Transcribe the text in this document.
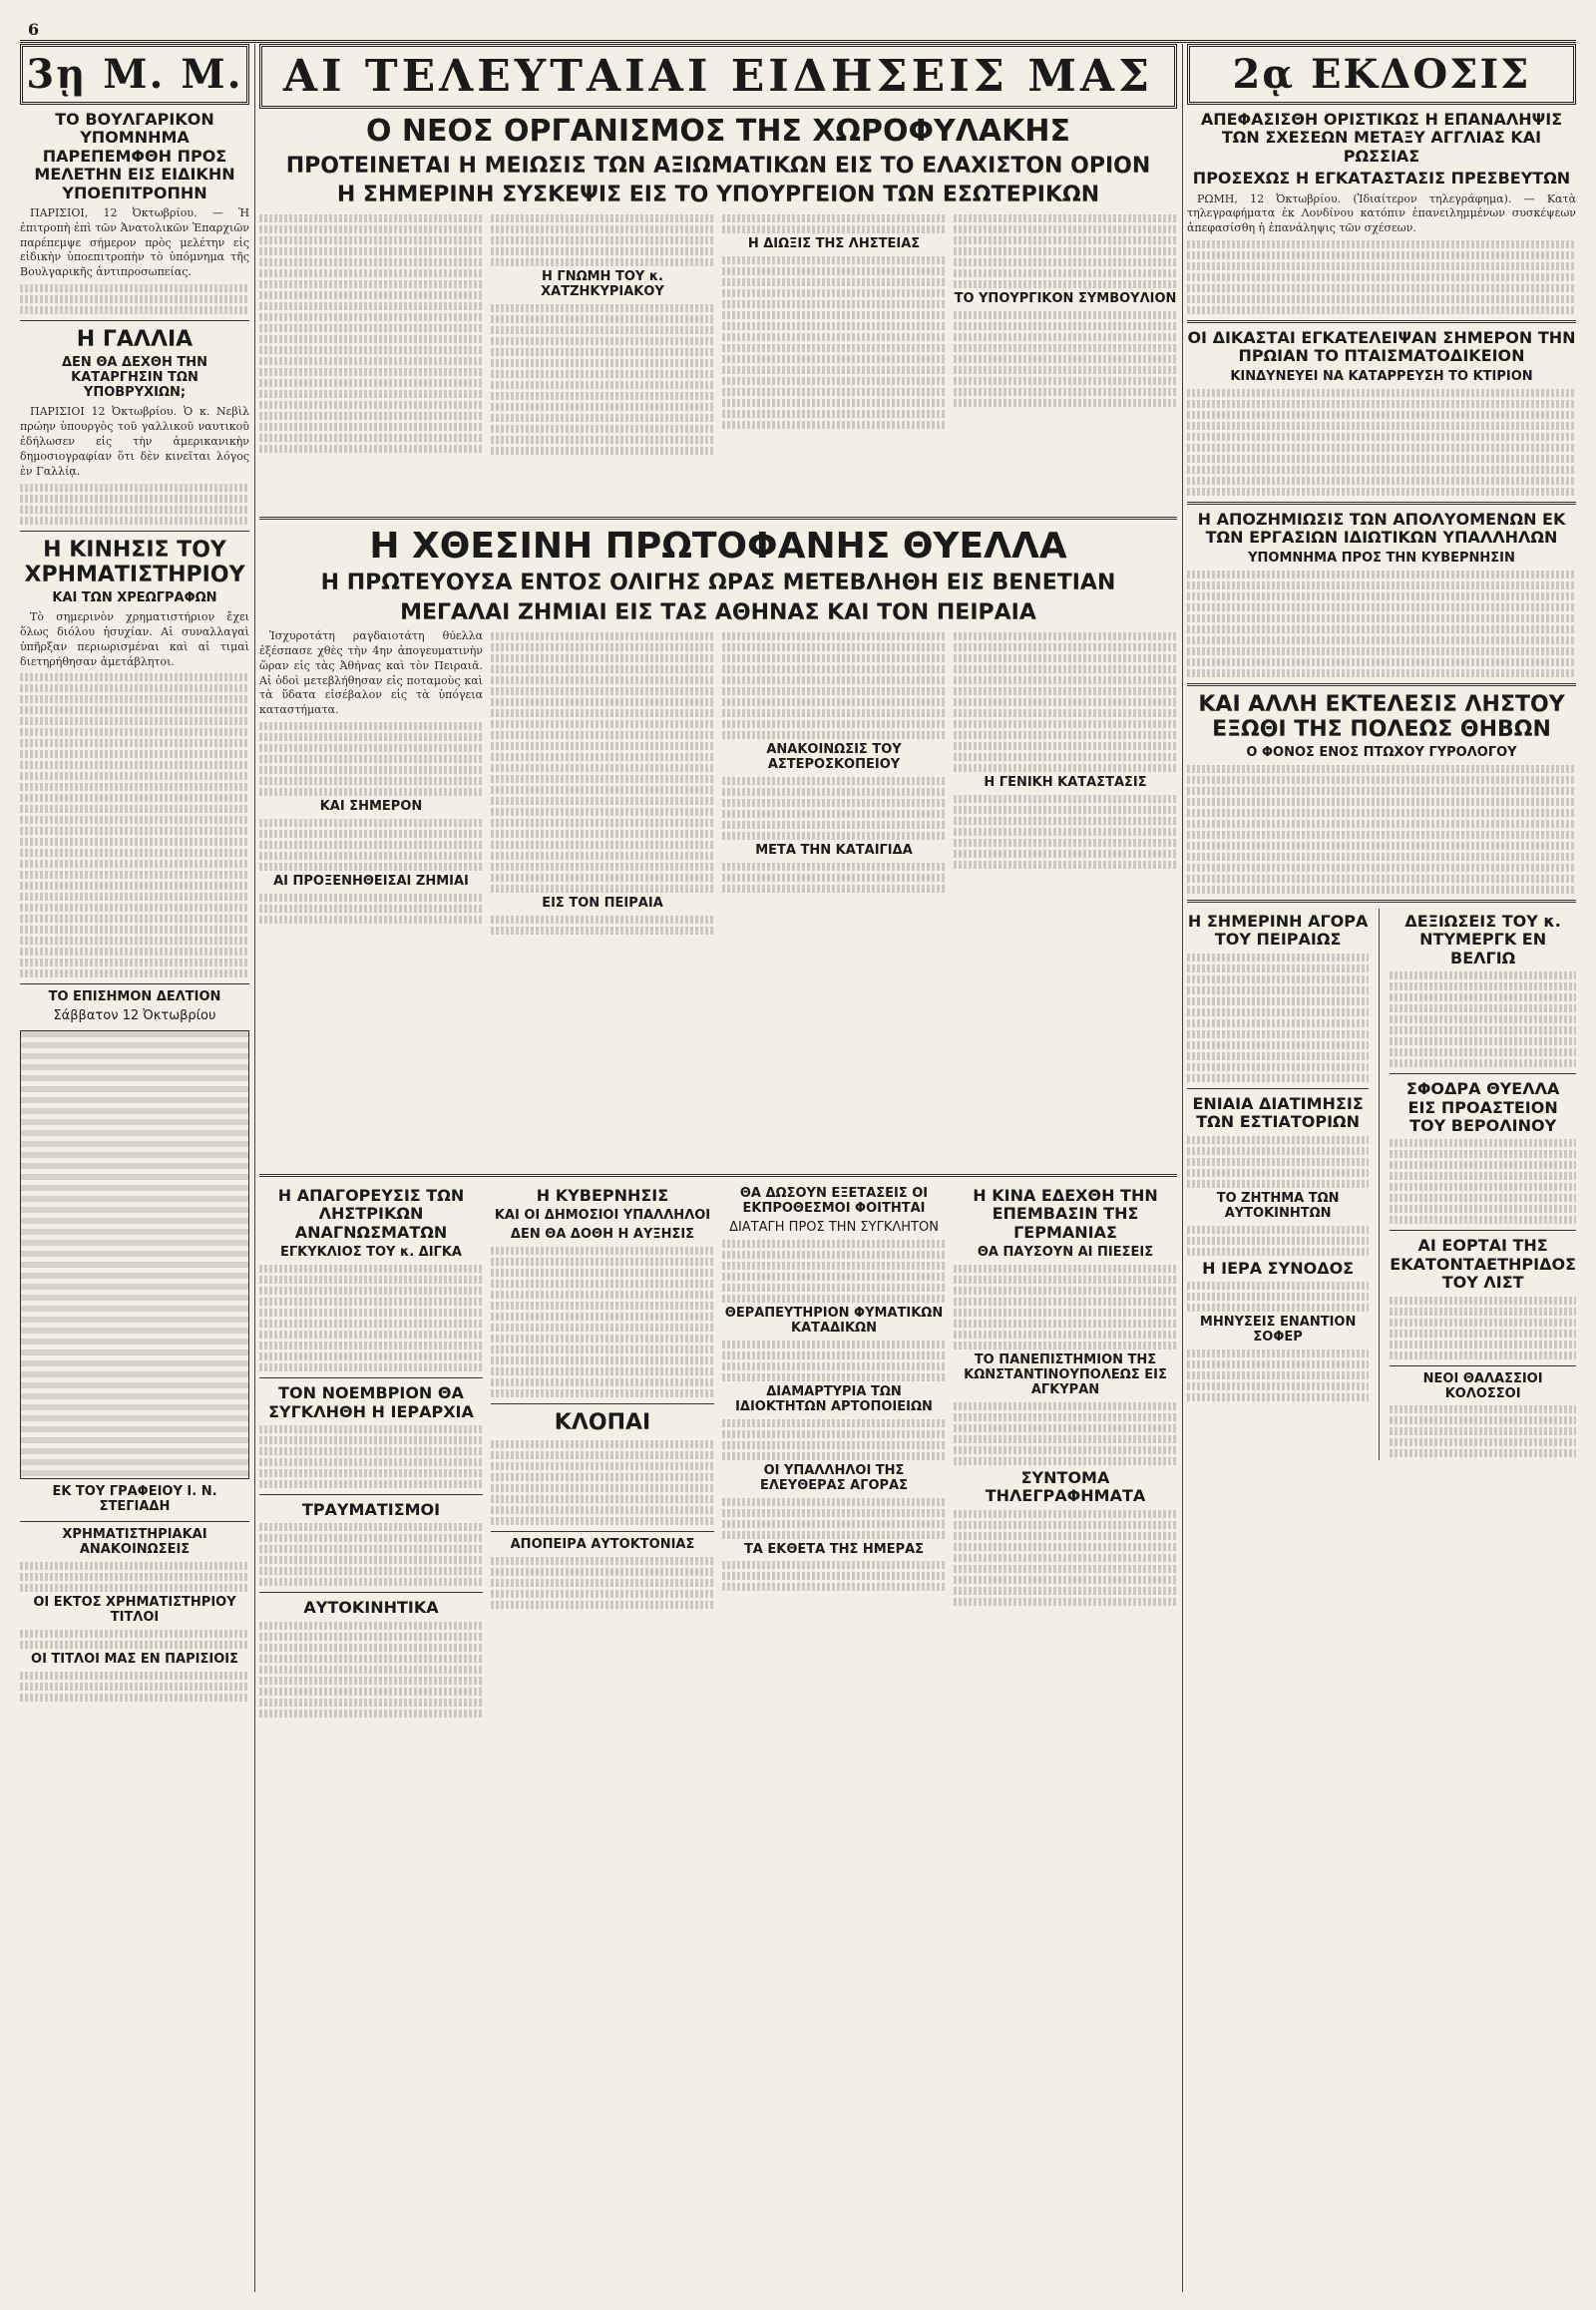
6
3ῃ Μ. Μ.
ΤΟ ΒΟΥΛΓΑΡΙΚΟΝ ΥΠΟΜΝΗΜΑ ΠΑΡΕΠΕΜΦΘΗ ΠΡΟΣ ΜΕΛΕΤΗΝ ΕΙΣ ΕΙΔΙΚΗΝ ΥΠΟΕΠΙΤΡΟΠΗΝ

ΠΑΡΙΣΙΟΙ, 12 Ὀκτωβρίου. — Ἡ ἐπιτροπὴ ἐπὶ τῶν Ἀνατολικῶν Ἐπαρχιῶν παρέπεμψε σήμερον πρὸς μελέτην εἰς εἰδικὴν ὑποεπιτροπὴν τὸ ὑπόμνημα τῆς Βουλγαρικῆς ἀντιπροσωπείας.

Η ΓΑΛΛΙΑ
ΔΕΝ ΘΑ ΔΕΧΘΗ ΤΗΝ ΚΑΤΑΡΓΗΣΙΝ ΤΩΝ ΥΠΟΒΡΥΧΙΩΝ;

ΠΑΡΙΣΙΟΙ 12 Ὀκτωβρίου. Ὁ κ. Νεβὶλ πρώην ὑπουργὸς τοῦ γαλλικοῦ ναυτικοῦ ἐδήλωσεν εἰς τὴν ἀμερικανικὴν δημοσιογραφίαν ὅτι δὲν κινεῖται λόγος ἐν Γαλλίᾳ.

Η ΚΙΝΗΣΙΣ ΤΟΥ ΧΡΗΜΑΤΙΣΤΗΡΙΟΥ
ΚΑΙ ΤΩΝ ΧΡΕΩΓΡΑΦΩΝ

Τὸ σημερινὸν χρηματιστήριον ἔχει ὅλως διόλου ἡσυχίαν. Αἱ συναλλαγαὶ ὑπῆρξαν περιωρισμέναι καὶ αἱ τιμαὶ διετηρήθησαν ἀμετάβλητοι.

ΤΟ ΕΠΙΣΗΜΟΝ ΔΕΛΤΙΟΝ
Σάββατον 12 Ὀκτωβρίου
ΕΚ ΤΟΥ ΓΡΑΦΕΙΟΥ Ι. Ν. ΣΤΕΓΙΑΔΗ
ΧΡΗΜΑΤΙΣΤΗΡΙΑΚΑΙ ΑΝΑΚΟΙΝΩΣΕΙΣ
ΟΙ ΕΚΤΟΣ ΧΡΗΜΑΤΙΣΤΗΡΙΟΥ ΤΙΤΛΟΙ
ΟΙ ΤΙΤΛΟΙ ΜΑΣ ΕΝ ΠΑΡΙΣΙΟΙΣ
ΑΙ ΤΕΛΕΥΤΑΙΑΙ ΕΙΔΗΣΕΙΣ ΜΑΣ
Ο ΝΕΟΣ ΟΡΓΑΝΙΣΜΟΣ ΤΗΣ ΧΩΡΟΦΥΛΑΚΗΣ
ΠΡΟΤΕΙΝΕΤΑΙ Η ΜΕΙΩΣΙΣ ΤΩΝ ΑΞΙΩΜΑΤΙΚΩΝ ΕΙΣ ΤΟ ΕΛΑΧΙΣΤΟΝ ΟΡΙΟΝ
Η ΣΗΜΕΡΙΝΗ ΣΥΣΚΕΨΙΣ ΕΙΣ ΤΟ ΥΠΟΥΡΓΕΙΟΝ ΤΩΝ ΕΣΩΤΕΡΙΚΩΝ
Η ΓΝΩΜΗ ΤΟΥ κ. ΧΑΤΖΗΚΥΡΙΑΚΟΥ
Η ΔΙΩΞΙΣ ΤΗΣ ΛΗΣΤΕΙΑΣ
ΤΟ ΥΠΟΥΡΓΙΚΟΝ ΣΥΜΒΟΥΛΙΟΝ
Η ΧΘΕΣΙΝΗ ΠΡΩΤΟΦΑΝΗΣ ΘΥΕΛΛΑ
Η ΠΡΩΤΕΥΟΥΣΑ ΕΝΤΟΣ ΟΛΙΓΗΣ ΩΡΑΣ ΜΕΤΕΒΛΗΘΗ ΕΙΣ ΒΕΝΕΤΙΑΝ
ΜΕΓΑΛΑΙ ΖΗΜΙΑΙ ΕΙΣ ΤΑΣ ΑΘΗΝΑΣ ΚΑΙ ΤΟΝ ΠΕΙΡΑΙΑ

Ἰσχυροτάτη ραγδαιοτάτη θύελλα ἐξέσπασε χθὲς τὴν 4ην ἀπογευματινὴν ὥραν εἰς τὰς Ἀθήνας καὶ τὸν Πειραιᾶ. Αἱ ὁδοὶ μετεβλήθησαν εἰς ποταμοὺς καὶ τὰ ὕδατα εἰσέβαλον εἰς τὰ ὑπόγεια καταστήματα.

ΚΑΙ ΣΗΜΕΡΟΝ
ΑΙ ΠΡΟΞΕΝΗΘΕΙΣΑΙ ΖΗΜΙΑΙ
ΕΙΣ ΤΟΝ ΠΕΙΡΑΙΑ
ΑΝΑΚΟΙΝΩΣΙΣ ΤΟΥ ΑΣΤΕΡΟΣΚΟΠΕΙΟΥ
ΜΕΤΑ ΤΗΝ ΚΑΤΑΙΓΙΔΑ
Η ΓΕΝΙΚΗ ΚΑΤΑΣΤΑΣΙΣ
Η ΑΠΑΓΟΡΕΥΣΙΣ ΤΩΝ ΛΗΣΤΡΙΚΩΝ ΑΝΑΓΝΩΣΜΑΤΩΝ
ΕΓΚΥΚΛΙΟΣ ΤΟΥ κ. ΔΙΓΚΑ
ΤΟΝ ΝΟΕΜΒΡΙΟΝ ΘΑ ΣΥΓΚΛΗΘΗ Η ΙΕΡΑΡΧΙΑ
ΤΡΑΥΜΑΤΙΣΜΟΙ
ΑΥΤΟΚΙΝΗΤΙΚΑ
Η ΚΥΒΕΡΝΗΣΙΣ
ΚΑΙ ΟΙ ΔΗΜΟΣΙΟΙ ΥΠΑΛΛΗΛΟΙ
ΔΕΝ ΘΑ ΔΟΘΗ Η ΑΥΞΗΣΙΣ
ΚΛΟΠΑΙ
ΑΠΟΠΕΙΡΑ ΑΥΤΟΚΤΟΝΙΑΣ
ΘΑ ΔΩΣΟΥΝ ΕΞΕΤΑΣΕΙΣ ΟΙ ΕΚΠΡΟΘΕΣΜΟΙ ΦΟΙΤΗΤΑΙ
ΔΙΑΤΑΓΗ ΠΡΟΣ ΤΗΝ ΣΥΓΚΛΗΤΟΝ
ΘΕΡΑΠΕΥΤΗΡΙΟΝ ΦΥΜΑΤΙΚΩΝ ΚΑΤΑΔΙΚΩΝ
ΔΙΑΜΑΡΤΥΡΙΑ ΤΩΝ ΙΔΙΟΚΤΗΤΩΝ ΑΡΤΟΠΟΙΕΙΩΝ
ΟΙ ΥΠΑΛΛΗΛΟΙ ΤΗΣ ΕΛΕΥΘΕΡΑΣ ΑΓΟΡΑΣ
ΤΑ ΕΚΘΕΤΑ ΤΗΣ ΗΜΕΡΑΣ
Η ΚΙΝΑ ΕΔΕΧΘΗ ΤΗΝ ΕΠΕΜΒΑΣΙΝ ΤΗΣ ΓΕΡΜΑΝΙΑΣ
ΘΑ ΠΑΥΣΟΥΝ ΑΙ ΠΙΕΣΕΙΣ
ΤΟ ΠΑΝΕΠΙΣΤΗΜΙΟΝ ΤΗΣ ΚΩΝΣΤΑΝΤΙΝΟΥΠΟΛΕΩΣ ΕΙΣ ΑΓΚΥΡΑΝ
ΣΥΝΤΟΜΑ ΤΗΛΕΓΡΑΦΗΜΑΤΑ
2ᾳ ΕΚΔΟΣΙΣ
ΑΠΕΦΑΣΙΣΘΗ ΟΡΙΣΤΙΚΩΣ Η ΕΠΑΝΑΛΗΨΙΣ ΤΩΝ ΣΧΕΣΕΩΝ ΜΕΤΑΞΥ ΑΓΓΛΙΑΣ ΚΑΙ ΡΩΣΣΙΑΣ
ΠΡΟΣΕΧΩΣ Η ΕΓΚΑΤΑΣΤΑΣΙΣ ΠΡΕΣΒΕΥΤΩΝ

ΡΩΜΗ, 12 Ὀκτωβρίου. (Ἰδιαίτερον τηλεγράφημα). — Κατὰ τηλεγραφήματα ἐκ Λονδίνου κατόπιν ἐπανειλημμένων συσκέψεων ἀπεφασίσθη ἡ ἐπανάληψις τῶν σχέσεων.

ΟΙ ΔΙΚΑΣΤΑΙ ΕΓΚΑΤΕΛΕΙΨΑΝ ΣΗΜΕΡΟΝ ΤΗΝ ΠΡΩΙΑΝ ΤΟ ΠΤΑΙΣΜΑΤΟΔΙΚΕΙΟΝ
ΚΙΝΔΥΝΕΥΕΙ ΝΑ ΚΑΤΑΡΡΕΥΣΗ ΤΟ ΚΤΙΡΙΟΝ
Η ΑΠΟΖΗΜΙΩΣΙΣ ΤΩΝ ΑΠΟΛΥΟΜΕΝΩΝ ΕΚ ΤΩΝ ΕΡΓΑΣΙΩΝ ΙΔΙΩΤΙΚΩΝ ΥΠΑΛΛΗΛΩΝ
ΥΠΟΜΝΗΜΑ ΠΡΟΣ ΤΗΝ ΚΥΒΕΡΝΗΣΙΝ
ΚΑΙ ΑΛΛΗ ΕΚΤΕΛΕΣΙΣ ΛΗΣΤΟΥ ΕΞΩΘΙ ΤΗΣ ΠΟΛΕΩΣ ΘΗΒΩΝ
Ο ΦΟΝΟΣ ΕΝΟΣ ΠΤΩΧΟΥ ΓΥΡΟΛΟΓΟΥ
Η ΣΗΜΕΡΙΝΗ ΑΓΟΡΑ ΤΟΥ ΠΕΙΡΑΙΩΣ
ΕΝΙΑΙΑ ΔΙΑΤΙΜΗΣΙΣ ΤΩΝ ΕΣΤΙΑΤΟΡΙΩΝ
ΤΟ ΖΗΤΗΜΑ ΤΩΝ ΑΥΤΟΚΙΝΗΤΩΝ
Η ΙΕΡΑ ΣΥΝΟΔΟΣ
ΜΗΝΥΣΕΙΣ ΕΝΑΝΤΙΟΝ ΣΟΦΕΡ
ΔΕΞΙΩΣΕΙΣ ΤΟΥ κ. ΝΤΥΜΕΡΓΚ ΕΝ ΒΕΛΓΙΩ
ΣΦΟΔΡΑ ΘΥΕΛΛΑ ΕΙΣ ΠΡΟΑΣΤΕΙΟΝ ΤΟΥ ΒΕΡΟΛΙΝΟΥ
ΑΙ ΕΟΡΤΑΙ ΤΗΣ ΕΚΑΤΟΝΤΑΕΤΗΡΙΔΟΣ ΤΟΥ ΛΙΣΤ
ΝΕΟΙ ΘΑΛΑΣΣΙΟΙ ΚΟΛΟΣΣΟΙ
